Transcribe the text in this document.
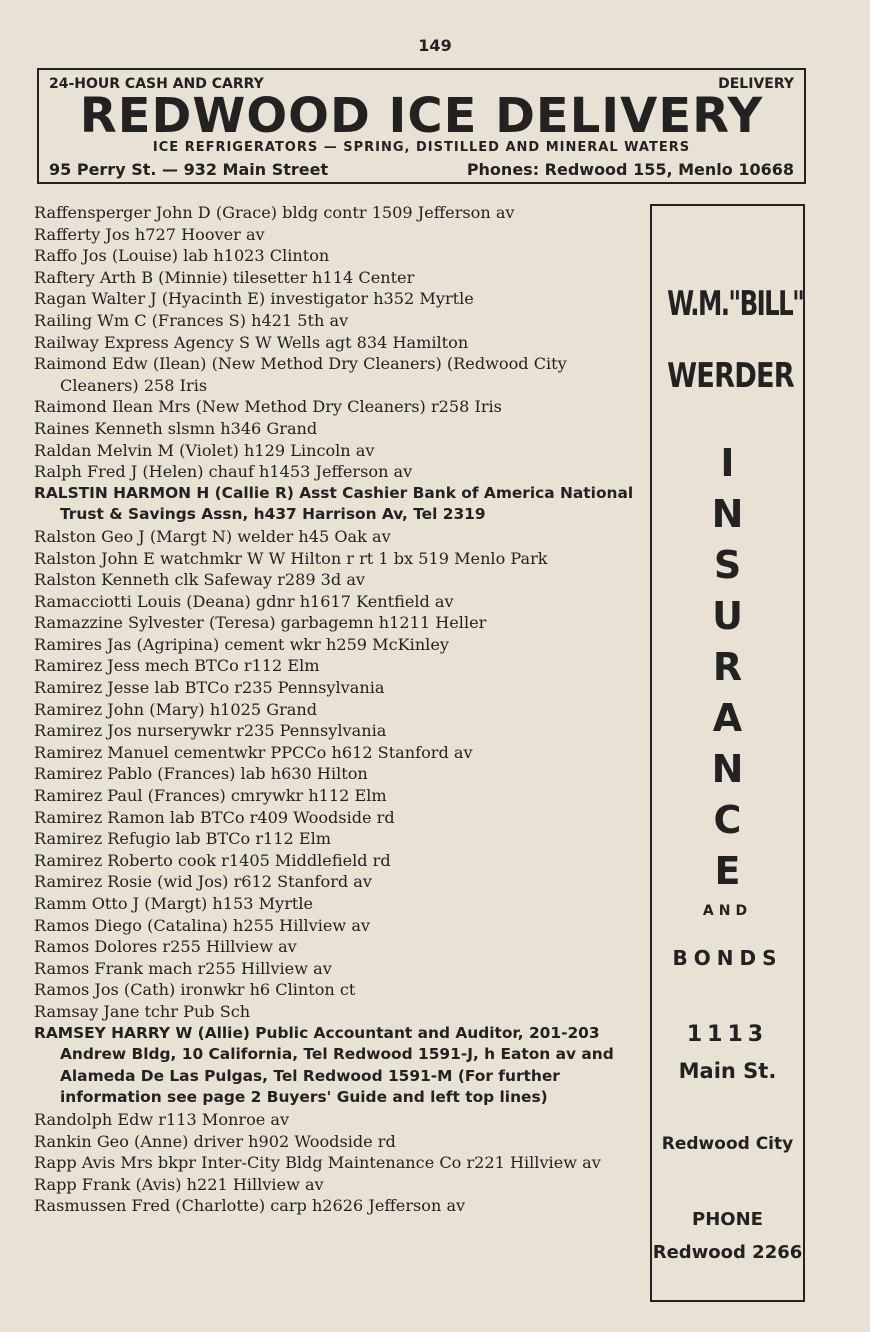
149
24-HOUR CASH AND CARRY	DELIVERY
REDWOOD ICE DELIVERY
ICE REFRIGERATORS — SPRING, DISTILLED AND MINERAL WATERS
95 Perry St. — 932 Main Street	Phones: Redwood 155, Menlo 10668

Raffensperger John D (Grace) bldg contr 1509 Jefferson av

Rafferty Jos h727 Hoover av

Raffo Jos (Louise) lab h1023 Clinton

Raftery Arth B (Minnie) tilesetter h114 Center

Ragan Walter J (Hyacinth E) investigator h352 Myrtle

Railing Wm C (Frances S) h421 5th av

Railway Express Agency S W Wells agt 834 Hamilton

Raimond Edw (Ilean) (New Method Dry Cleaners) (Redwood City Cleaners) 258 Iris

Raimond Ilean Mrs (New Method Dry Cleaners) r258 Iris

Raines Kenneth slsmn h346 Grand

Raldan Melvin M (Violet) h129 Lincoln av

Ralph Fred J (Helen) chauf h1453 Jefferson av

RALSTIN HARMON H (Callie R) Asst Cashier Bank of America National Trust & Savings Assn, h437 Harrison Av, Tel 2319

Ralston Geo J (Margt N) welder h45 Oak av

Ralston John E watchmkr W W Hilton r rt 1 bx 519 Menlo Park

Ralston Kenneth clk Safeway r289 3d av

Ramacciotti Louis (Deana) gdnr h1617 Kentfield av

Ramazzine Sylvester (Teresa) garbagemn h1211 Heller

Ramires Jas (Agripina) cement wkr h259 McKinley

Ramirez Jess mech BTCo r112 Elm

Ramirez Jesse lab BTCo r235 Pennsylvania

Ramirez John (Mary) h1025 Grand

Ramirez Jos nurserywkr r235 Pennsylvania

Ramirez Manuel cementwkr PPCCo h612 Stanford av

Ramirez Pablo (Frances) lab h630 Hilton

Ramirez Paul (Frances) cmrywkr h112 Elm

Ramirez Ramon lab BTCo r409 Woodside rd

Ramirez Refugio lab BTCo r112 Elm

Ramirez Roberto cook r1405 Middlefield rd

Ramirez Rosie (wid Jos) r612 Stanford av

Ramm Otto J (Margt) h153 Myrtle

Ramos Diego (Catalina) h255 Hillview av

Ramos Dolores r255 Hillview av

Ramos Frank mach r255 Hillview av

Ramos Jos (Cath) ironwkr h6 Clinton ct

Ramsay Jane tchr Pub Sch

RAMSEY HARRY W (Allie) Public Accountant and Auditor, 201-203 Andrew Bldg, 10 California, Tel Redwood 1591-J, h Eaton av and Alameda De Las Pulgas, Tel Redwood 1591-M (For further information see page 2 Buyers' Guide and left top lines)

Randolph Edw r113 Monroe av

Rankin Geo (Anne) driver h902 Woodside rd

Rapp Avis Mrs bkpr Inter-City Bldg Maintenance Co r221 Hillview av

Rapp Frank (Avis) h221 Hillview av

Rasmussen Fred (Charlotte) carp h2626 Jefferson av

W.M."BILL"
WERDER
I
N
S
U
R
A
N
C
E
AND
BONDS
1113
Main St.
Redwood City
PHONE
Redwood 2266
